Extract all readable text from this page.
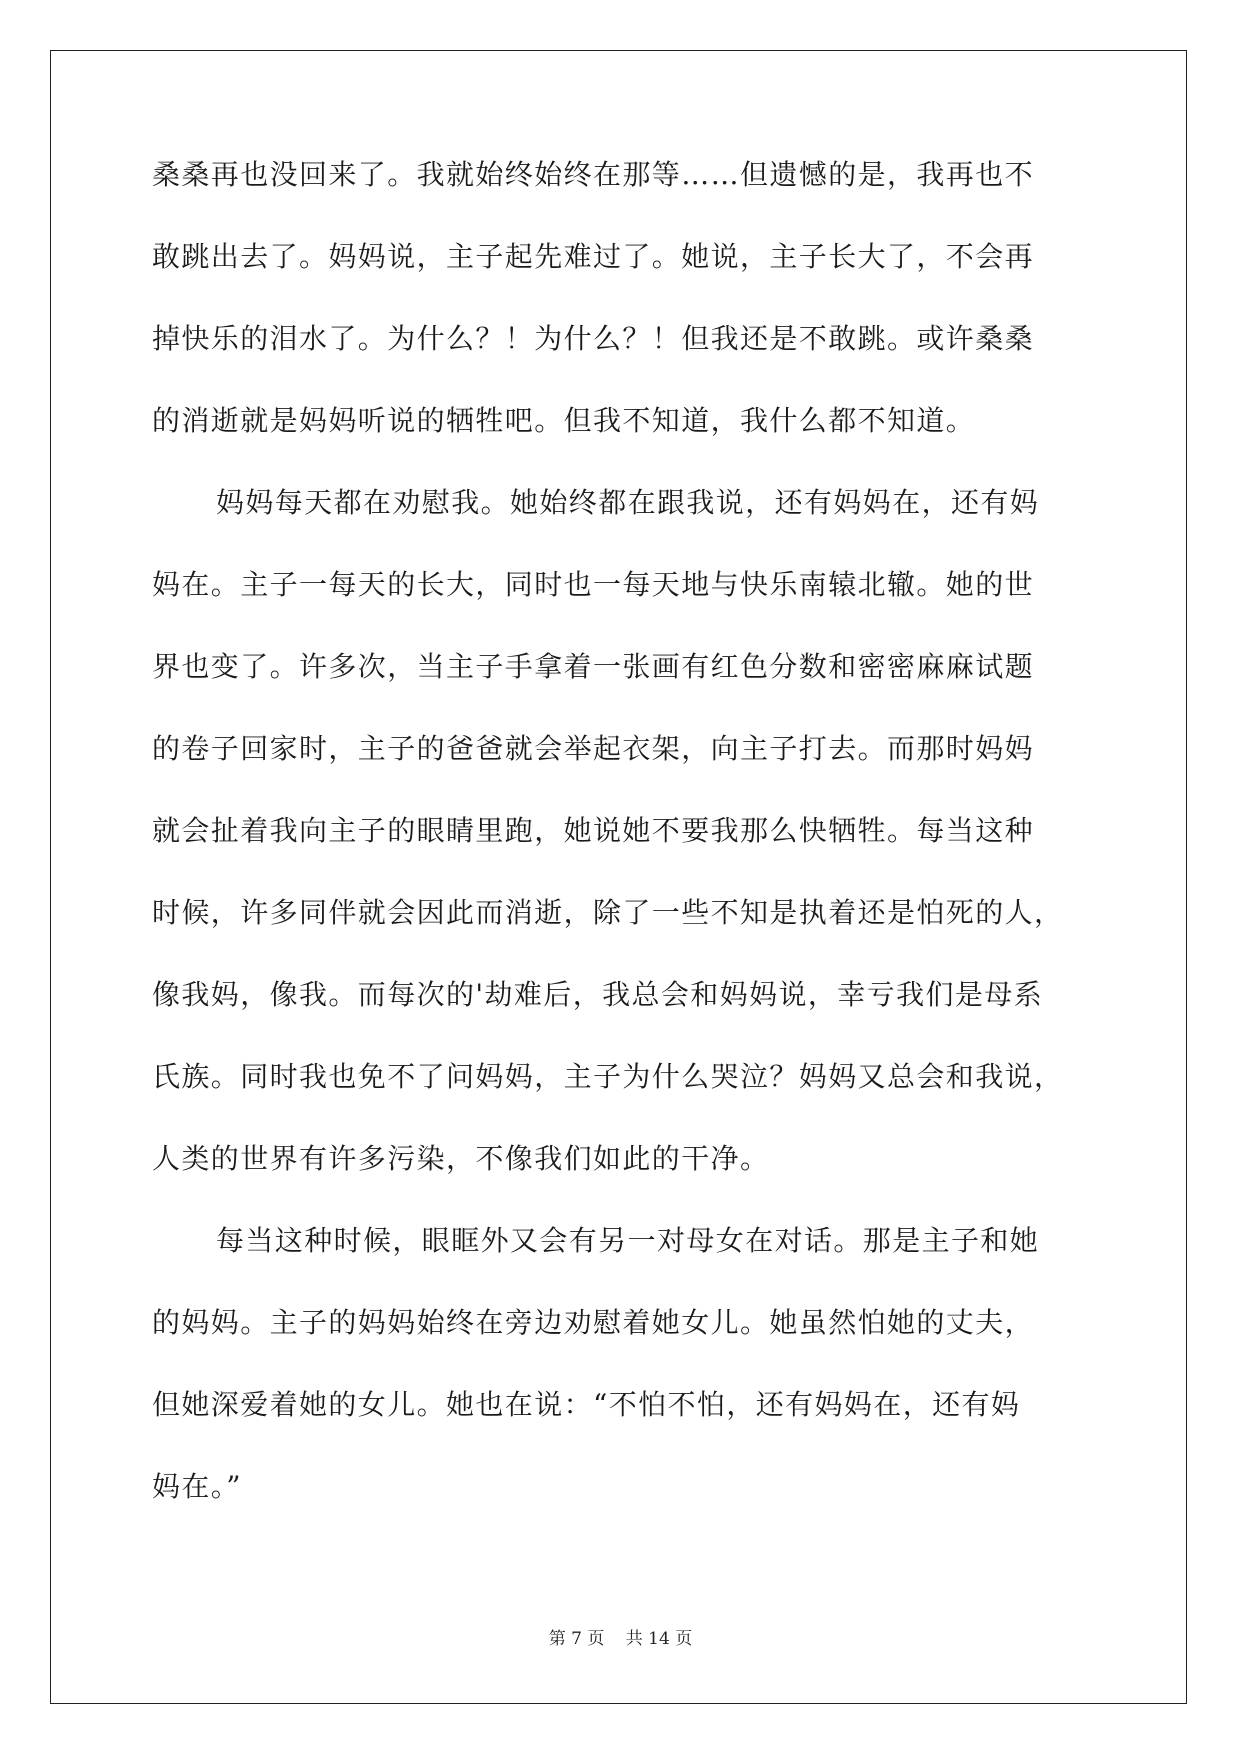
桑桑再也没回来了。我就始终始终在那等……但遗憾的是，我再也不
敢跳出去了。妈妈说，主子起先难过了。她说，主子长大了，不会再
掉快乐的泪水了。为什么？！为什么？！但我还是不敢跳。或许桑桑
的消逝就是妈妈听说的牺牲吧。但我不知道，我什么都不知道。
妈妈每天都在劝慰我。她始终都在跟我说，还有妈妈在，还有妈
妈在。主子一每天的长大，同时也一每天地与快乐南辕北辙。她的世
界也变了。许多次，当主子手拿着一张画有红色分数和密密麻麻试题
的卷子回家时，主子的爸爸就会举起衣架，向主子打去。而那时妈妈
就会扯着我向主子的眼睛里跑，她说她不要我那么快牺牲。每当这种
时候，许多同伴就会因此而消逝，除了一些不知是执着还是怕死的人，
像我妈，像我。而每次的'劫难后，我总会和妈妈说，幸亏我们是母系
氏族。同时我也免不了问妈妈，主子为什么哭泣？妈妈又总会和我说，
人类的世界有许多污染，不像我们如此的干净。
每当这种时候，眼眶外又会有另一对母女在对话。那是主子和她
的妈妈。主子的妈妈始终在旁边劝慰着她女儿。她虽然怕她的丈夫，
但她深爱着她的女儿。她也在说：“不怕不怕，还有妈妈在，还有妈
妈在。”
第 7 页 共 14 页
